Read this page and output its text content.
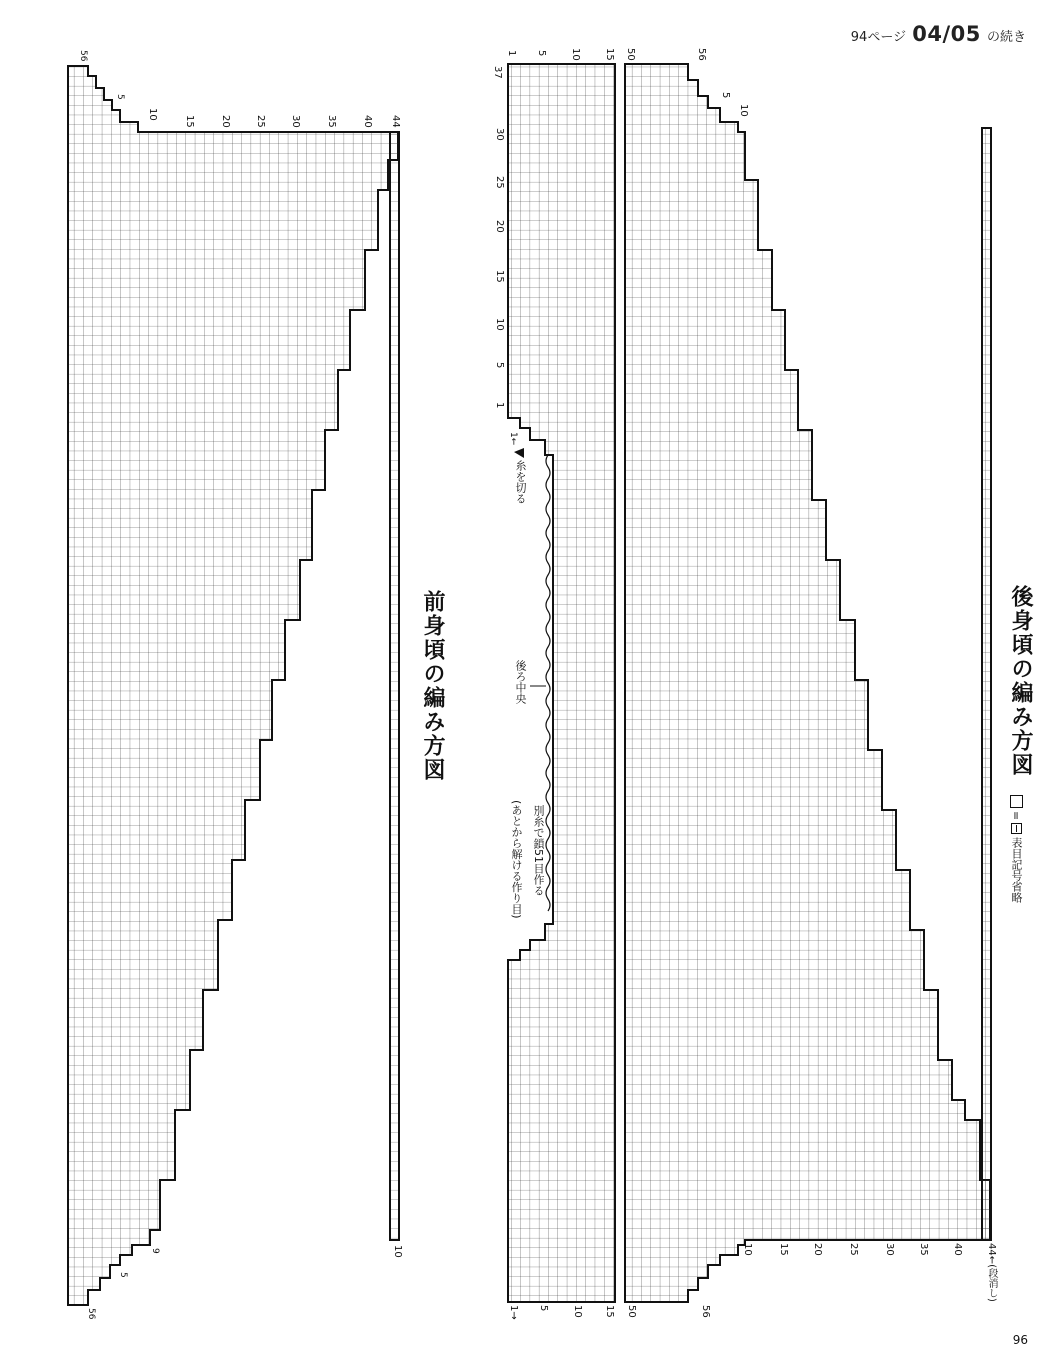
94ページ 04/05 の続き
前身頃の編み方図	後身頃の編み方図
=
表目記号省略
糸を切る
後ろ中央
別糸で鎖51目作る
(あとから解ける作り目)
44←(段消し)
56
5
10
15	20 25 30	35	40 44
10
9
5
56
1 5 10 15 50	56
5
10
37
30
25
20
15
10
5
1
1←
10	15 20	25	30 35 40
1→ 5 10 15 50	56
96
